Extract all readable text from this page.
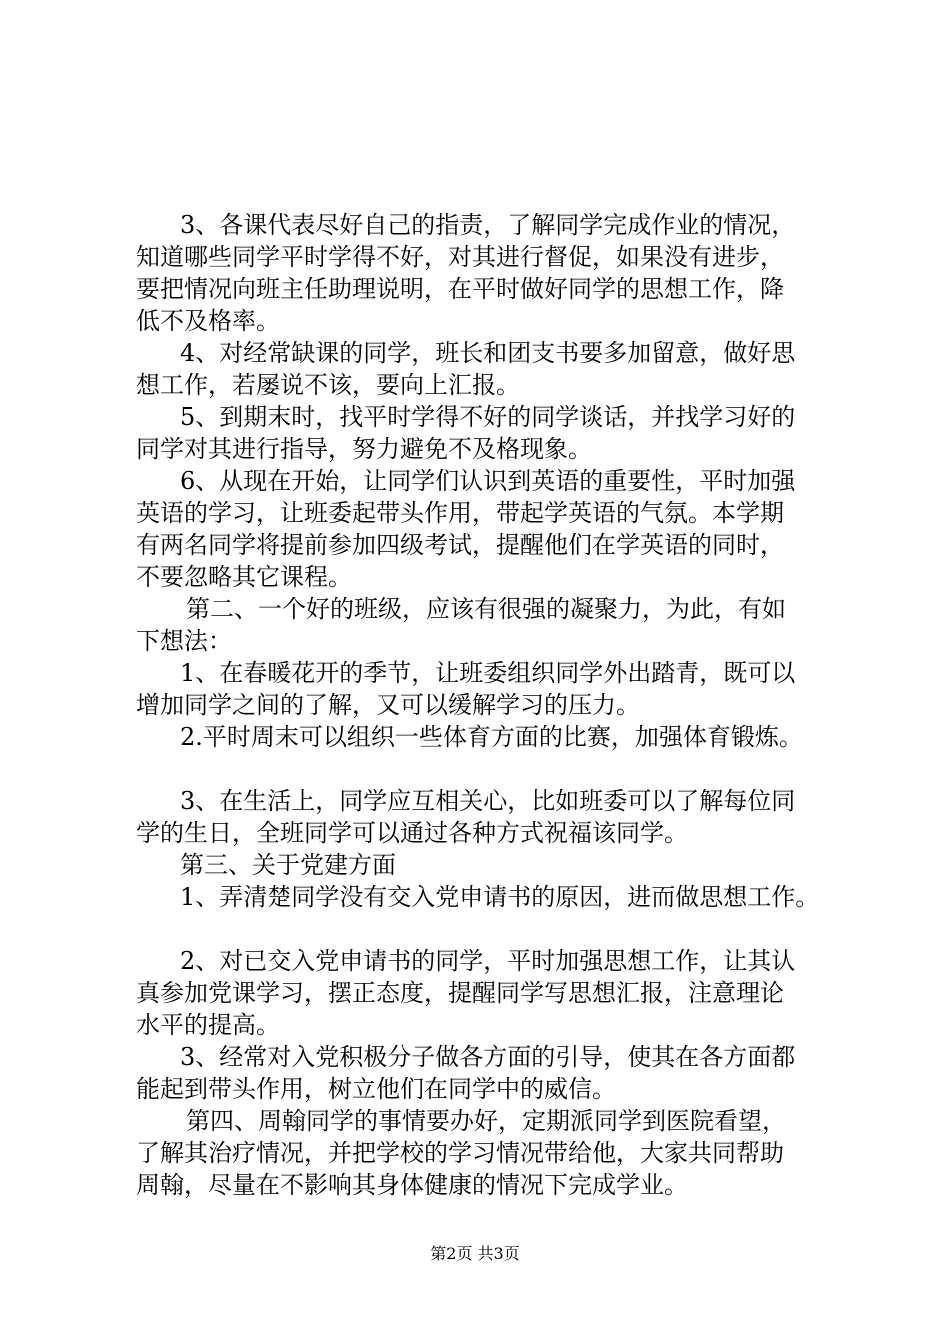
3、各课代表尽好自己的指责，了解同学完成作业的情况，
知道哪些同学平时学得不好，对其进行督促，如果没有进步，
要把情况向班主任助理说明，在平时做好同学的思想工作，降
低不及格率。
4、对经常缺课的同学，班长和团支书要多加留意，做好思
想工作，若屡说不该，要向上汇报。
5、到期末时，找平时学得不好的同学谈话，并找学习好的
同学对其进行指导，努力避免不及格现象。
6、从现在开始，让同学们认识到英语的重要性，平时加强
英语的学习，让班委起带头作用，带起学英语的气氛。本学期
有两名同学将提前参加四级考试，提醒他们在学英语的同时，
不要忽略其它课程。
第二、一个好的班级，应该有很强的凝聚力，为此，有如
下想法：
1、在春暖花开的季节，让班委组织同学外出踏青，既可以
增加同学之间的了解，又可以缓解学习的压力。
2.平时周末可以组织一些体育方面的比赛，加强体育锻炼。
3、在生活上，同学应互相关心，比如班委可以了解每位同
学的生日，全班同学可以通过各种方式祝福该同学。
第三、关于党建方面
1、弄清楚同学没有交入党申请书的原因，进而做思想工作。
2、对已交入党申请书的同学，平时加强思想工作，让其认
真参加党课学习，摆正态度，提醒同学写思想汇报，注意理论
水平的提高。
3、经常对入党积极分子做各方面的引导，使其在各方面都
能起到带头作用，树立他们在同学中的威信。
第四、周翰同学的事情要办好，定期派同学到医院看望，
了解其治疗情况，并把学校的学习情况带给他，大家共同帮助
周翰，尽量在不影响其身体健康的情况下完成学业。
第2页 共3页
